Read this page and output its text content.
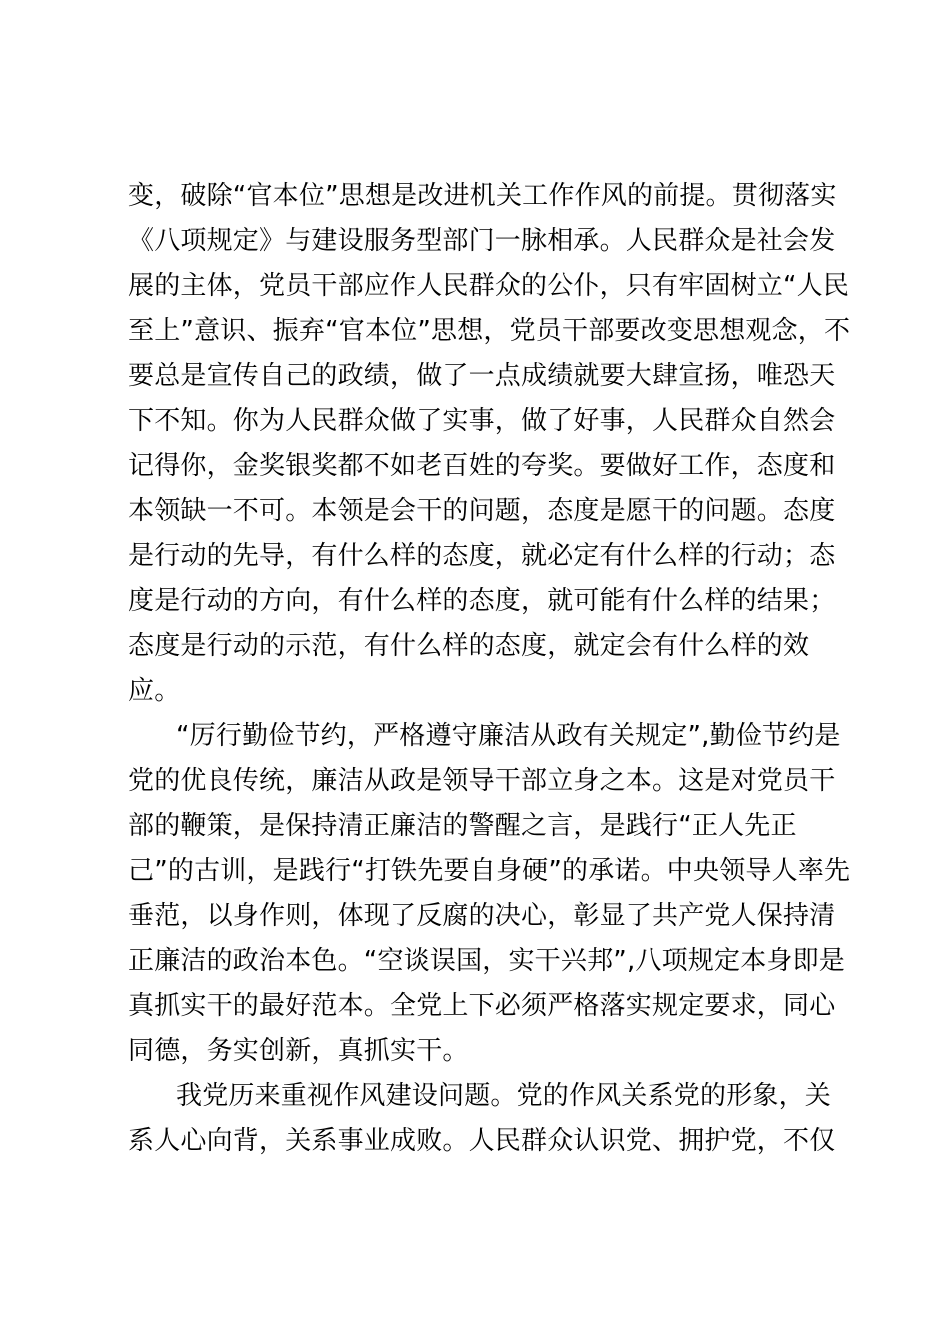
变，破除“官本位”思想是改进机关工作作风的前提。贯彻落实
《八项规定》与建设服务型部门一脉相承。人民群众是社会发
展的主体，党员干部应作人民群众的公仆，只有牢固树立“人民
至上”意识、振弃“官本位”思想，党员干部要改变思想观念，不
要总是宣传自己的政绩，做了一点成绩就要大肆宣扬，唯恐天
下不知。你为人民群众做了实事，做了好事，人民群众自然会
记得你，金奖银奖都不如老百姓的夸奖。要做好工作，态度和
本领缺一不可。本领是会干的问题，态度是愿干的问题。态度
是行动的先导，有什么样的态度，就必定有什么样的行动；态
度是行动的方向，有什么样的态度，就可能有什么样的结果；
态度是行动的示范，有什么样的态度，就定会有什么样的效
应。
“厉行勤俭节约，严格遵守廉洁从政有关规定”,勤俭节约是
党的优良传统，廉洁从政是领导干部立身之本。这是对党员干
部的鞭策，是保持清正廉洁的警醒之言，是践行“正人先正
己”的古训，是践行“打铁先要自身硬”的承诺。中央领导人率先
垂范，以身作则，体现了反腐的决心，彰显了共产党人保持清
正廉洁的政治本色。“空谈误国，实干兴邦”,八项规定本身即是
真抓实干的最好范本。全党上下必须严格落实规定要求，同心
同德，务实创新，真抓实干。
我党历来重视作风建设问题。党的作风关系党的形象，关
系人心向背，关系事业成败。人民群众认识党、拥护党，不仅
